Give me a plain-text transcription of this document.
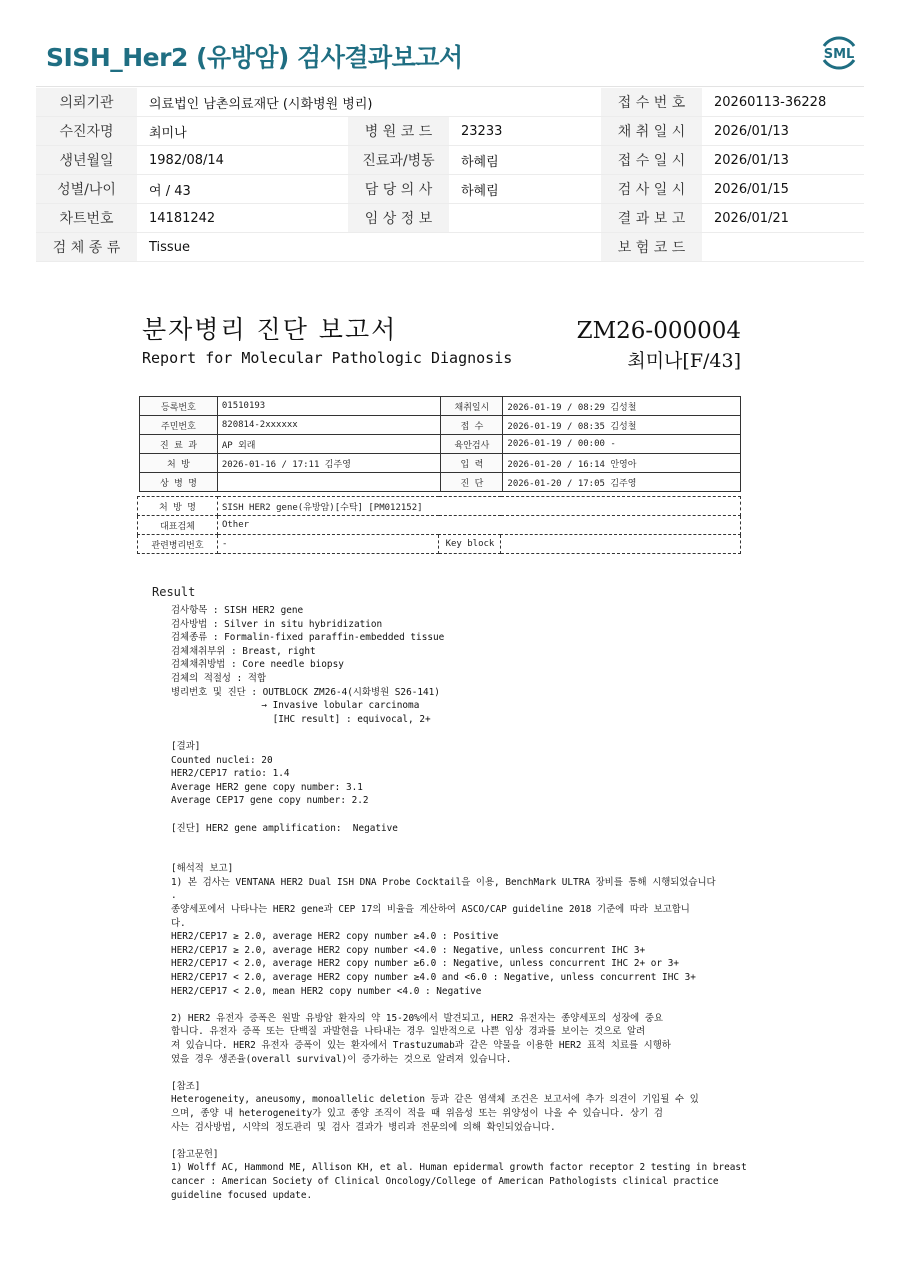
SISH_Her2 (유방암) 검사결과보고서	SML
의뢰기관	의료법인 남촌의료재단 (시화병원 병리)			접 수 번 호	20260113-36228
수진자명	최미나	병 원 코 드	23233	채 취 일 시	2026/01/13
생년월일	1982/08/14	진료과/병동	하혜림	접 수 일 시	2026/01/13
성별/나이	여 / 43	담 당 의 사	하혜림	검 사 일 시	2026/01/15
차트번호	14181242	임 상 정 보		결 과 보 고	2026/01/21
검 체 종 류	Tissue			보 험 코 드	
분자병리 진단 보고서
Report for Molecular Pathologic Diagnosis
ZM26-000004
최미나[F/43]
등록번호	01510193	채취일시	2026-01-19 / 08:29 김성철
주민번호	820814-2xxxxxx	접 수	2026-01-19 / 08:35 김성철
진 료 과	AP 외래	육안검사	2026-01-19 / 00:00 -
처 방	2026-01-16 / 17:11 김주영	입 력	2026-01-20 / 16:14 안영아
상 병 명		진 단	2026-01-20 / 17:05 김주영
처 방 명	SISH HER2 gene(유방암)[수탁] [PM012152]		
대표검체	Other		
관련병리번호	-	Key block	
Result
검사항목 : SISH HER2 gene
검사방법 : Silver in situ hybridization
검체종류 : Formalin-fixed paraffin-embedded tissue
검체채취부위 : Breast, right
검체채취방법 : Core needle biopsy
검체의 적절성 : 적합
병리번호 및 진단 : OUTBLOCK ZM26-4(시화병원 S26-141)
→ Invasive lobular carcinoma
[IHC result] : equivocal, 2+
[결과]
Counted nuclei: 20
HER2/CEP17 ratio: 1.4
Average HER2 gene copy number: 3.1
Average CEP17 gene copy number: 2.2
[진단] HER2 gene amplification:  Negative
[해석적 보고]
1) 본 검사는 VENTANA HER2 Dual ISH DNA Probe Cocktail을 이용, BenchMark ULTRA 장비를 통해 시행되었습니다
.
종양세포에서 나타나는 HER2 gene과 CEP 17의 비율을 계산하여 ASCO/CAP guideline 2018 기준에 따라 보고합니
다.
HER2/CEP17 ≥ 2.0, average HER2 copy number ≥4.0 : Positive
HER2/CEP17 ≥ 2.0, average HER2 copy number <4.0 : Negative, unless concurrent IHC 3+
HER2/CEP17 < 2.0, average HER2 copy number ≥6.0 : Negative, unless concurrent IHC 2+ or 3+
HER2/CEP17 < 2.0, average HER2 copy number ≥4.0 and <6.0 : Negative, unless concurrent IHC 3+
HER2/CEP17 < 2.0, mean HER2 copy number <4.0 : Negative
2) HER2 유전자 증폭은 원발 유방암 환자의 약 15-20%에서 발견되고, HER2 유전자는 종양세포의 성장에 중요
합니다. 유전자 증폭 또는 단백질 과발현을 나타내는 경우 일반적으로 나쁜 임상 경과를 보이는 것으로 알려
져 있습니다. HER2 유전자 증폭이 있는 환자에서 Trastuzumab과 같은 약물을 이용한 HER2 표적 치료를 시행하
였을 경우 생존율(overall survival)이 증가하는 것으로 알려져 있습니다.
[참조]
Heterogeneity, aneusomy, monoallelic deletion 등과 같은 염색체 조건은 보고서에 추가 의견이 기입될 수 있
으며, 종양 내 heterogeneity가 있고 종양 조직이 적을 때 위음성 또는 위양성이 나올 수 있습니다. 상기 검
사는 검사방법, 시약의 정도관리 및 검사 결과가 병리과 전문의에 의해 확인되었습니다.
[참고문헌]
1) Wolff AC, Hammond ME, Allison KH, et al. Human epidermal growth factor receptor 2 testing in breast
cancer : American Society of Clinical Oncology/College of American Pathologists clinical practice
guideline focused update.
